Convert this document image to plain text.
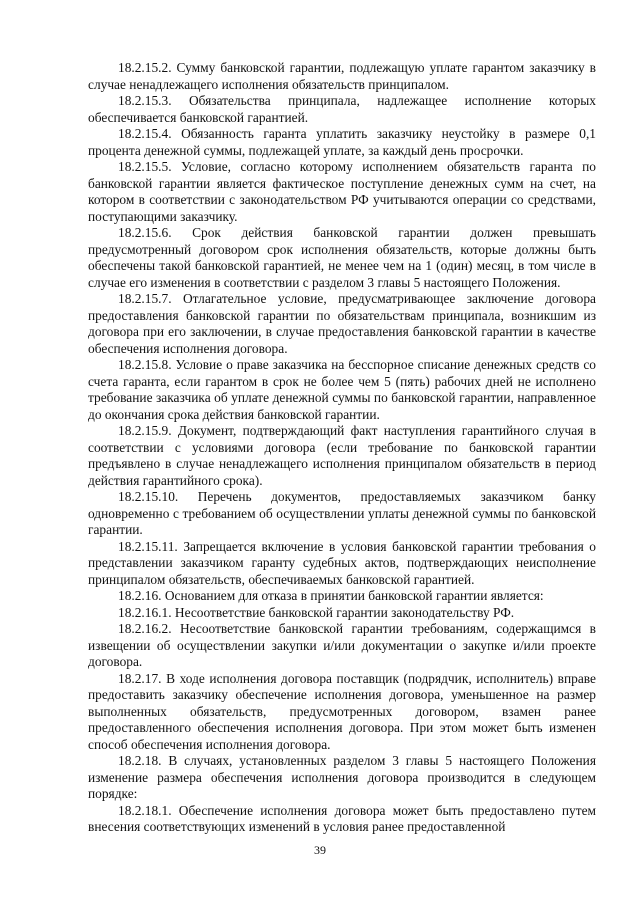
18.2.15.2. Сумму банковской гарантии, подлежащую уплате гарантом заказчику в случае ненадлежащего исполнения обязательств принципалом.

18.2.15.3. Обязательства принципала, надлежащее исполнение которых обеспечивается банковской гарантией.

18.2.15.4. Обязанность гаранта уплатить заказчику неустойку в размере 0,1 процента денежной суммы, подлежащей уплате, за каждый день просрочки.

18.2.15.5. Условие, согласно которому исполнением обязательств гаранта по банковской гарантии является фактическое поступление денежных сумм на счет, на котором в соответствии с законодательством РФ учитываются операции со средствами, поступающими заказчику.

18.2.15.6. Срок действия банковской гарантии должен превышать предусмотренный договором срок исполнения обязательств, которые должны быть обеспечены такой банковской гарантией, не менее чем на 1 (один) месяц, в том числе в случае его изменения в соответствии с разделом 3 главы 5 настоящего Положения.

18.2.15.7. Отлагательное условие, предусматривающее заключение договора предоставления банковской гарантии по обязательствам принципала, возникшим из договора при его заключении, в случае предоставления банковской гарантии в качестве обеспечения исполнения договора.

18.2.15.8. Условие о праве заказчика на бесспорное списание денежных средств со счета гаранта, если гарантом в срок не более чем 5 (пять) рабочих дней не исполнено требование заказчика об уплате денежной суммы по банковской гарантии, направленное до окончания срока действия банковской гарантии.

18.2.15.9. Документ, подтверждающий факт наступления гарантийного случая в соответствии с условиями договора (если требование по банковской гарантии предъявлено в случае ненадлежащего исполнения принципалом обязательств в период действия гарантийного срока).

18.2.15.10. Перечень документов, предоставляемых заказчиком банку одновременно с требованием об осуществлении уплаты денежной суммы по банковской гарантии.

18.2.15.11. Запрещается включение в условия банковской гарантии требования о представлении заказчиком гаранту судебных актов, подтверждающих неисполнение принципалом обязательств, обеспечиваемых банковской гарантией.

18.2.16. Основанием для отказа в принятии банковской гарантии является:

18.2.16.1. Несоответствие банковской гарантии законодательству РФ.

18.2.16.2. Несоответствие банковской гарантии требованиям, содержащимся в извещении об осуществлении закупки и/или документации о закупке и/или проекте договора.

18.2.17. В ходе исполнения договора поставщик (подрядчик, исполнитель) вправе предоставить заказчику обеспечение исполнения договора, уменьшенное на размер выполненных обязательств, предусмотренных договором, взамен ранее предоставленного обеспечения исполнения договора. При этом может быть изменен способ обеспечения исполнения договора.

18.2.18. В случаях, установленных разделом 3 главы 5 настоящего Положения изменение размера обеспечения исполнения договора производится в следующем порядке:

18.2.18.1. Обеспечение исполнения договора может быть предоставлено путем внесения соответствующих изменений в условия ранее предоставленной

39
